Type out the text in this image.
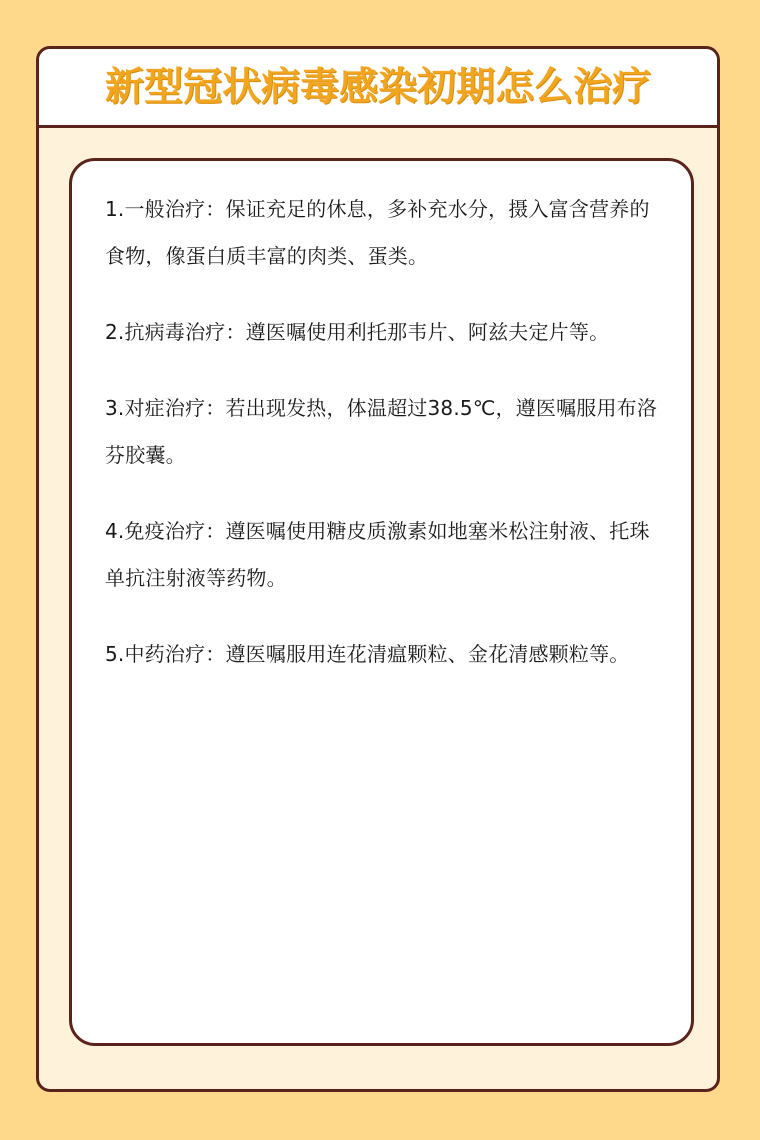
新型冠状病毒感染初期怎么治疗

1.一般治疗：保证充足的休息，多补充水分，摄入富含营养的食物，像蛋白质丰富的肉类、蛋类。

2.抗病毒治疗：遵医嘱使用利托那韦片、阿兹夫定片等。

3.对症治疗：若出现发热，体温超过38.5℃，遵医嘱服用布洛芬胶囊。

4.免疫治疗：遵医嘱使用糖皮质激素如地塞米松注射液、托珠单抗注射液等药物。

5.中药治疗：遵医嘱服用连花清瘟颗粒、金花清感颗粒等。
